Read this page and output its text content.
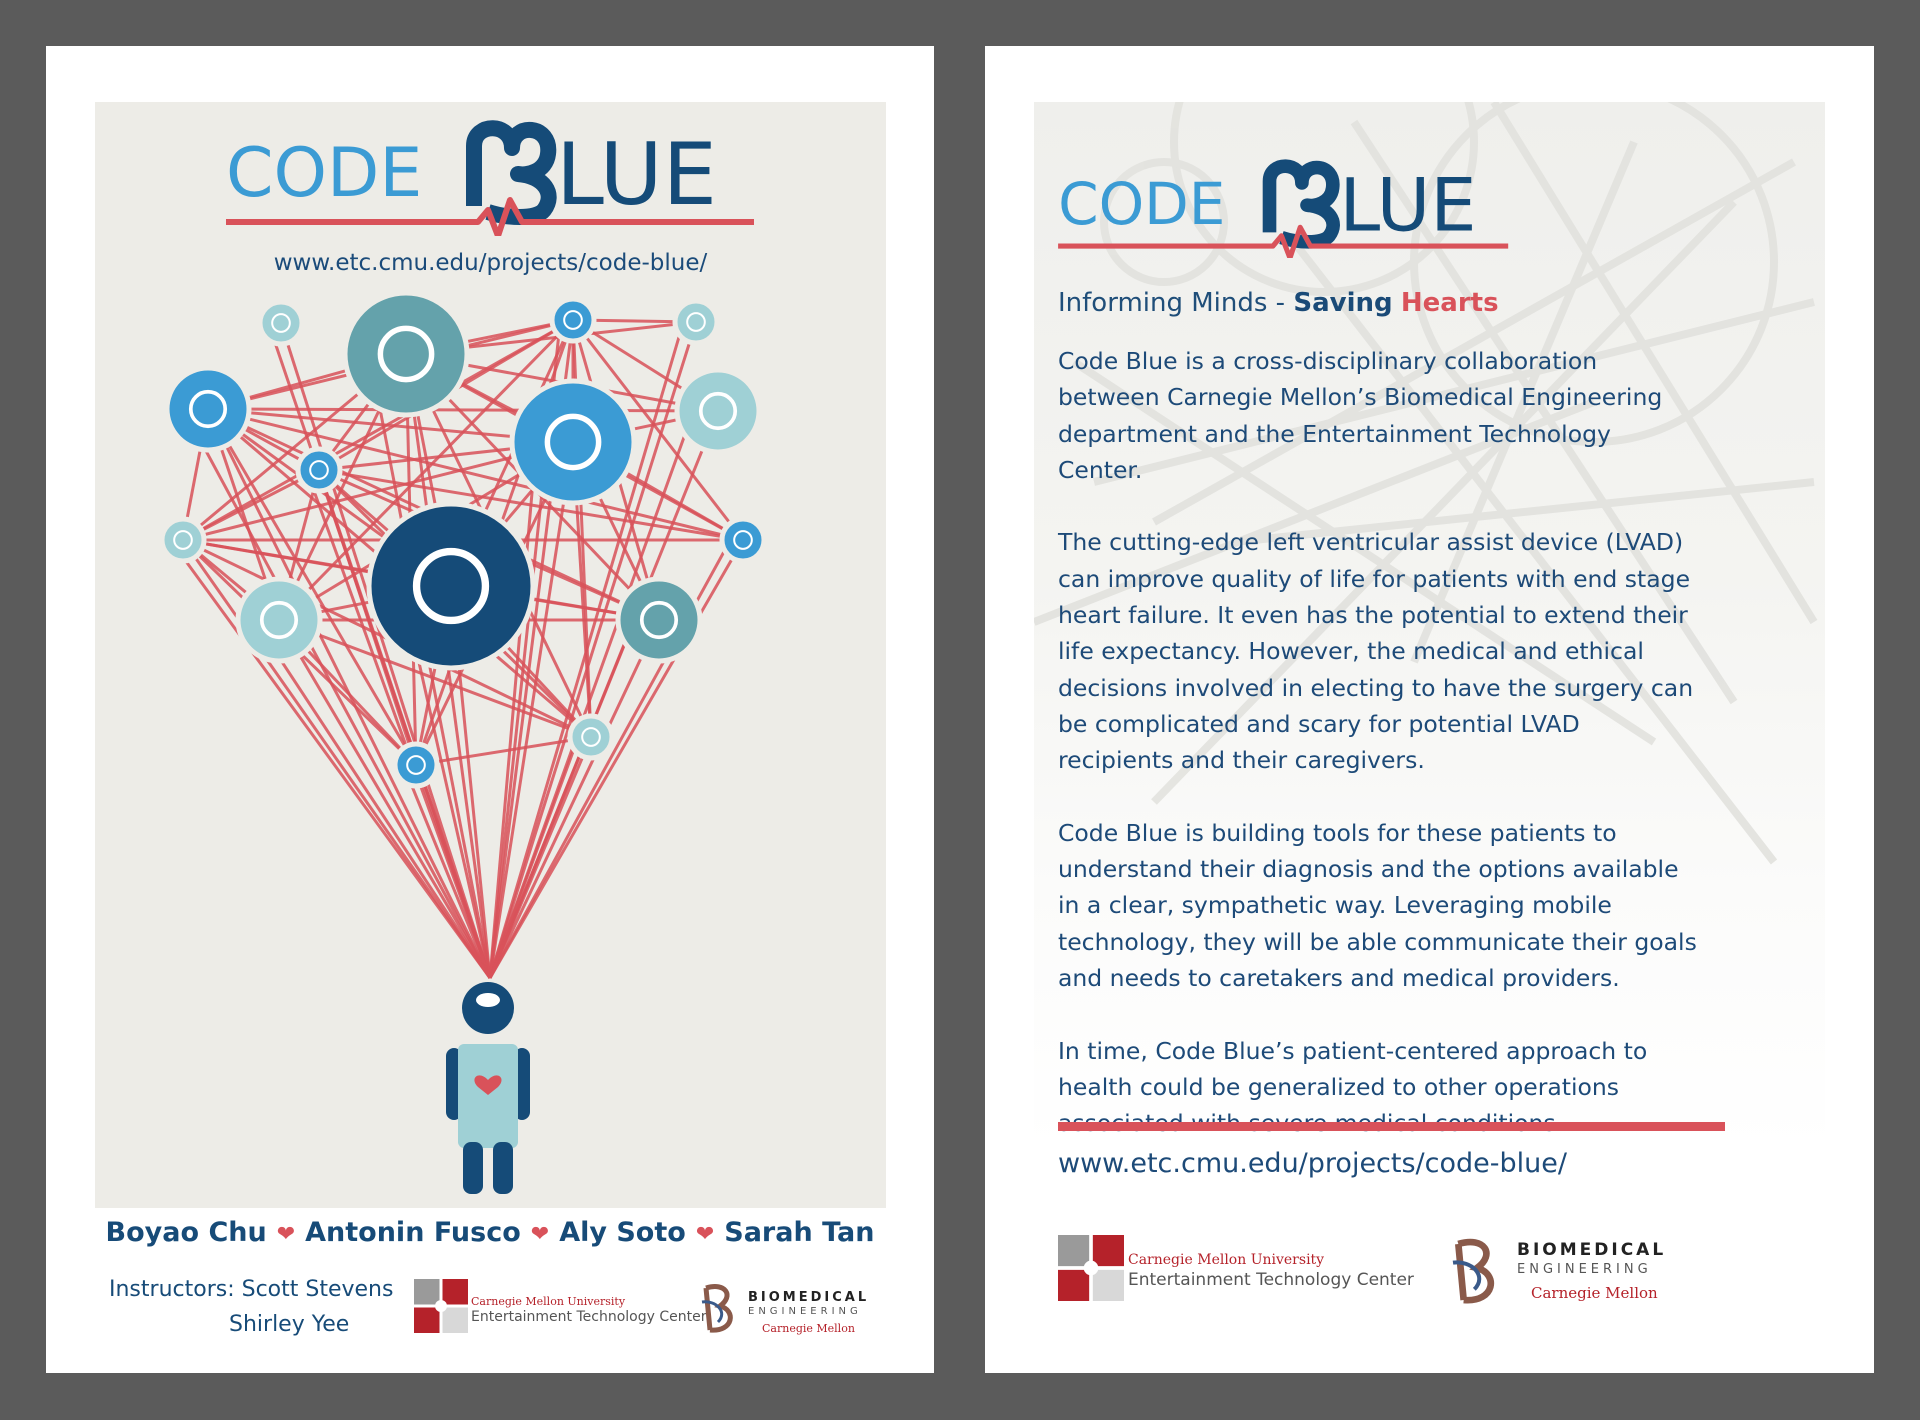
CODE LUE
www.etc.cmu.edu/projects/code-blue/
Boyao Chu ❤ Antonin Fusco ❤ Aly Soto ❤ Sarah Tan
Instructors: Scott Stevens
Shirley Yee
Carnegie Mellon University
Entertainment Technology Center
BIOMEDICAL
ENGINEERING
Carnegie Mellon
CODE LUE
Informing Minds - Saving Hearts

Code Blue is a cross-disciplinary collaboration between Carnegie Mellon’s Biomedical Engineering department and the Entertainment Technology Center.

The cutting-edge left ventricular assist device (LVAD) can improve quality of life for patients with end stage heart failure. It even has the potential to extend their life expectancy. However, the medical and ethical decisions involved in electing to have the surgery can be complicated and scary for potential LVAD recipients and their caregivers.

Code Blue is building tools for these patients to understand their diagnosis and the options available in a clear, sympathetic way. Leveraging mobile technology, they will be able communicate their goals and needs to caretakers and medical providers.

In time, Code Blue’s patient-centered approach to health could be generalized to other operations

www.etc.cmu.edu/projects/code-blue/
Carnegie Mellon University
Entertainment Technology Center
BIOMEDICAL
ENGINEERING
Carnegie Mellon
